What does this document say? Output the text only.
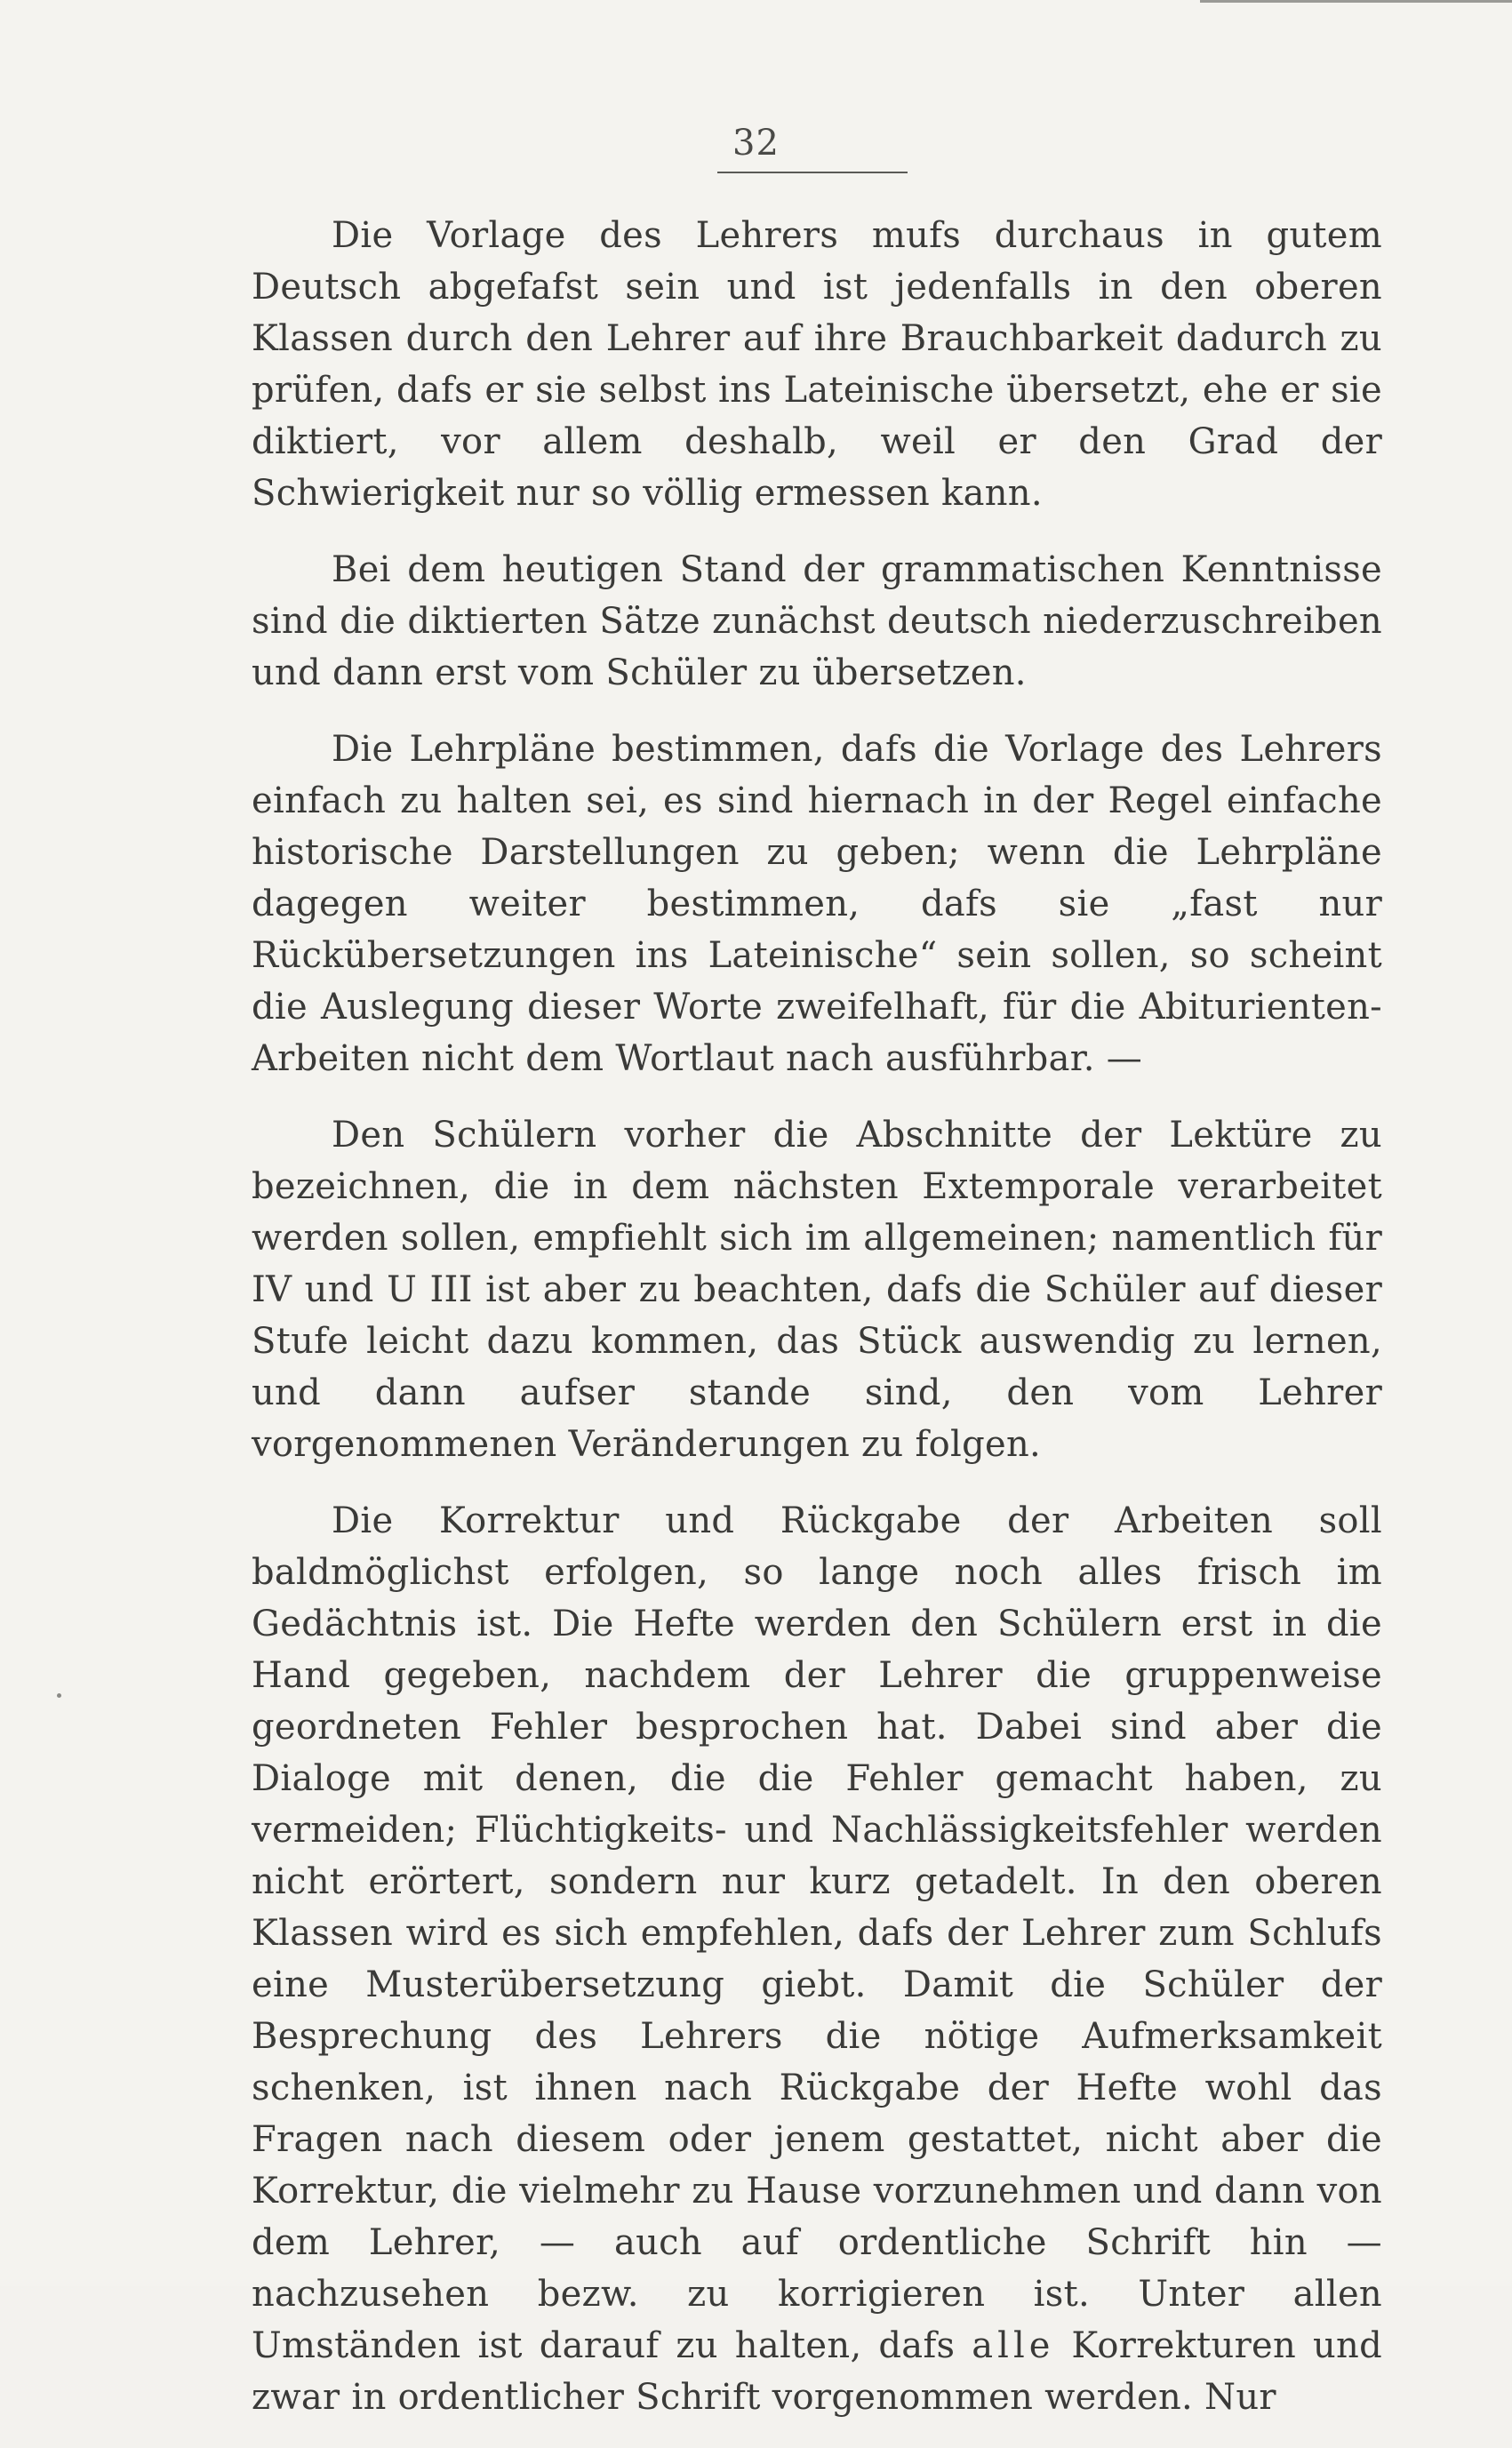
32

Die Vorlage des Lehrers mufs durchaus in gutem Deutsch abgefafst sein und ist jedenfalls in den oberen Klassen durch den Lehrer auf ihre Brauchbarkeit dadurch zu prüfen, dafs er sie selbst ins Lateinische übersetzt, ehe er sie diktiert, vor allem deshalb, weil er den Grad der Schwierigkeit nur so völlig ermessen kann.

Bei dem heutigen Stand der grammatischen Kenntnisse sind die diktierten Sätze zunächst deutsch niederzuschreiben und dann erst vom Schüler zu übersetzen.

Die Lehrpläne bestimmen, dafs die Vorlage des Lehrers einfach zu halten sei, es sind hiernach in der Regel einfache historische Darstellungen zu geben; wenn die Lehrpläne dagegen weiter bestimmen, dafs sie „fast nur Rückübersetzungen ins Lateinische“ sein sollen, so scheint die Auslegung dieser Worte zweifelhaft, für die Abiturienten-Arbeiten nicht dem Wortlaut nach ausführbar. —

Den Schülern vorher die Abschnitte der Lektüre zu bezeichnen, die in dem nächsten Extemporale verarbeitet werden sollen, empfiehlt sich im allgemeinen; namentlich für IV und U III ist aber zu beachten, dafs die Schüler auf dieser Stufe leicht dazu kommen, das Stück auswendig zu lernen, und dann aufser stande sind, den vom Lehrer vorgenommenen Veränderungen zu folgen.

Die Korrektur und Rückgabe der Arbeiten soll baldmöglichst erfolgen, so lange noch alles frisch im Gedächtnis ist. Die Hefte werden den Schülern erst in die Hand gegeben, nachdem der Lehrer die gruppenweise geordneten Fehler besprochen hat. Dabei sind aber die Dialoge mit denen, die die Fehler gemacht haben, zu vermeiden; Flüchtigkeits- und Nachlässigkeitsfehler werden nicht erörtert, sondern nur kurz getadelt. In den oberen Klassen wird es sich empfehlen, dafs der Lehrer zum Schlufs eine Musterübersetzung giebt. Damit die Schüler der Besprechung des Lehrers die nötige Aufmerksamkeit schenken, ist ihnen nach Rückgabe der Hefte wohl das Fragen nach diesem oder jenem gestattet, nicht aber die Korrektur, die vielmehr zu Hause vorzunehmen und dann von dem Lehrer, — auch auf ordentliche Schrift hin — nachzusehen bezw. zu korrigieren ist. Unter allen Umständen ist darauf zu halten, dafs alle Korrekturen und zwar in ordentlicher Schrift vorgenommen werden. Nur
